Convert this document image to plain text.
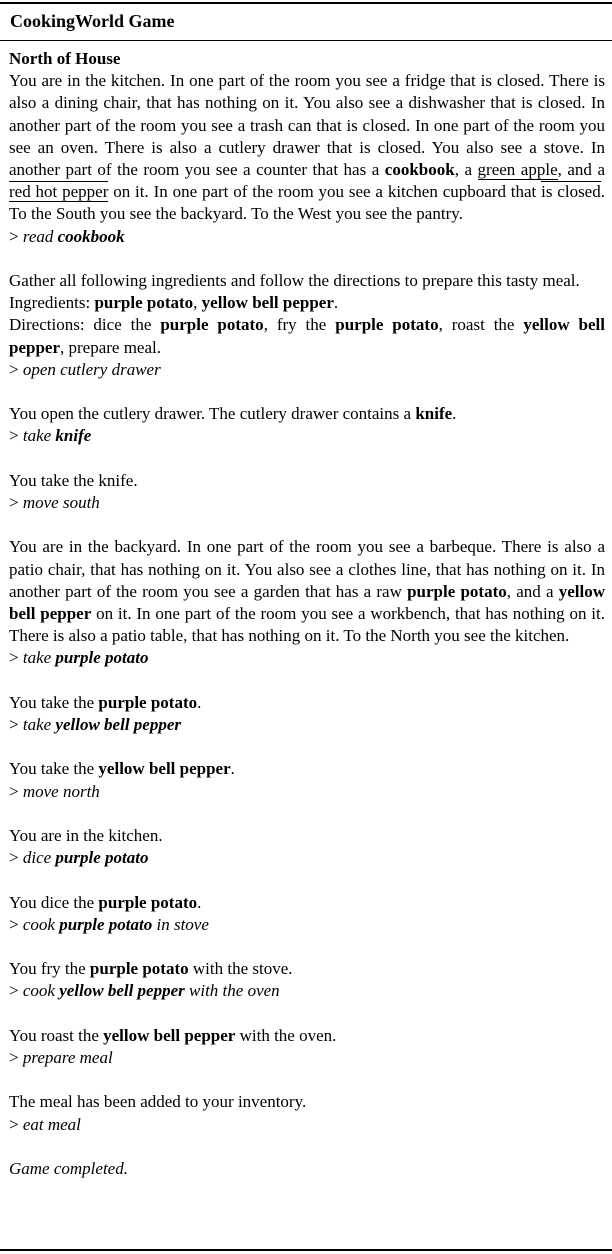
CookingWorld Game

North of House

You are in the kitchen. In one part of the room you see a fridge that is closed. There is also a dining chair, that has nothing on it. You also see a dishwasher that is closed. In another part of the room you see a trash can that is closed. In one part of the room you see an oven. There is also a cutlery drawer that is closed. You also see a stove. In another part of the room you see a counter that has a cookbook, a green apple, and a red hot pepper on it. In one part of the room you see a kitchen cupboard that is closed. To the South you see the backyard. To the West you see the pantry.

> read cookbook

Gather all following ingredients and follow the directions to prepare this tasty meal.

Ingredients: purple potato, yellow bell pepper.

Directions: dice the purple potato, fry the purple potato, roast the yellow bell pepper, prepare meal.

> open cutlery drawer

You open the cutlery drawer. The cutlery drawer contains a knife.

> take knife

You take the knife.

> move south

You are in the backyard. In one part of the room you see a barbeque. There is also a patio chair, that has nothing on it. You also see a clothes line, that has nothing on it. In another part of the room you see a garden that has a raw purple potato, and a yellow bell pepper on it. In one part of the room you see a workbench, that has nothing on it. There is also a patio table, that has nothing on it. To the North you see the kitchen.

> take purple potato

You take the purple potato.

> take yellow bell pepper

You take the yellow bell pepper.

> move north

You are in the kitchen.

> dice purple potato

You dice the purple potato.

> cook purple potato in stove

You fry the purple potato with the stove.

> cook yellow bell pepper with the oven

You roast the yellow bell pepper with the oven.

> prepare meal

The meal has been added to your inventory.

> eat meal

Game completed.
